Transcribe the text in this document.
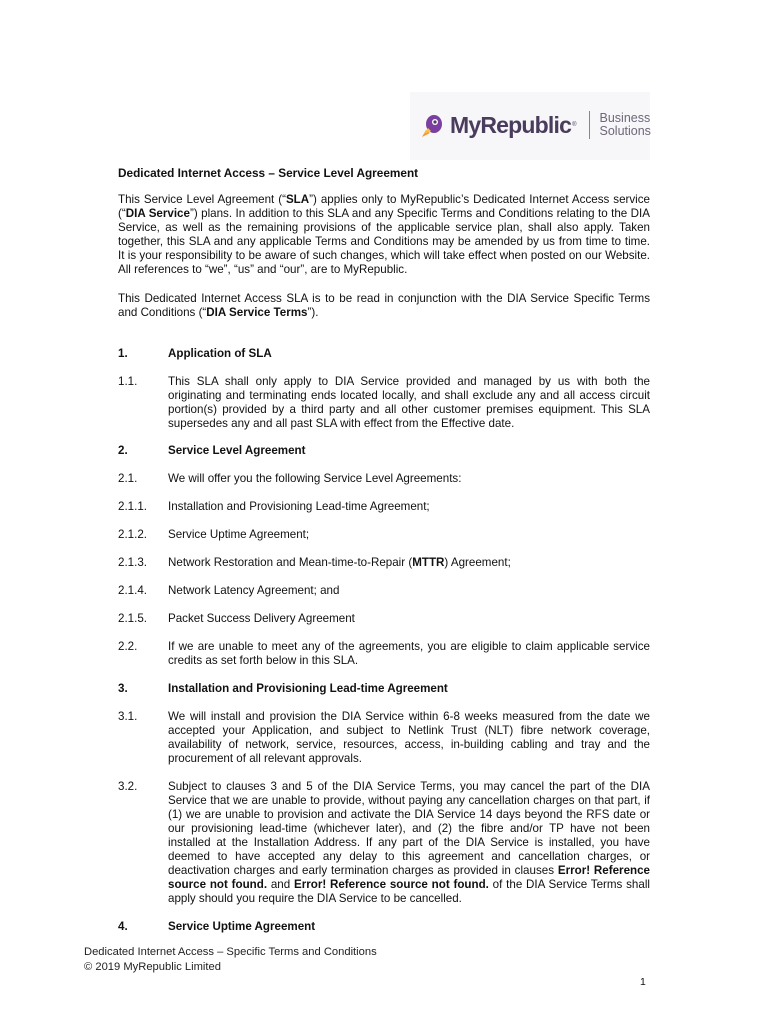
MyRepublic ® Business
Solutions
Dedicated Internet Access – Service Level Agreement
This Service Level Agreement (“SLA”) applies only to MyRepublic’s Dedicated Internet Access service (“DIA Service”) plans. In addition to this SLA and any Specific Terms and Conditions relating to the DIA Service, as well as the remaining provisions of the applicable service plan, shall also apply. Taken together, this SLA and any applicable Terms and Conditions may be amended by us from time to time. It is your responsibility to be aware of such changes, which will take effect when posted on our Website. All references to “we”, “us” and “our”, are to MyRepublic.
This Dedicated Internet Access SLA is to be read in conjunction with the DIA Service Specific Terms and Conditions (“DIA Service Terms”).
1.	Application of SLA
1.1.	This SLA shall only apply to DIA Service provided and managed by us with both the originating and terminating ends located locally, and shall exclude any and all access circuit portion(s) provided by a third party and all other customer premises equipment. This SLA supersedes any and all past SLA with effect from the Effective date.
2.	Service Level Agreement
2.1.	We will offer you the following Service Level Agreements:
2.1.1.	Installation and Provisioning Lead-time Agreement;
2.1.2.	Service Uptime Agreement;
2.1.3.	Network Restoration and Mean-time-to-Repair (MTTR) Agreement;
2.1.4.	Network Latency Agreement; and
2.1.5.	Packet Success Delivery Agreement
2.2.	If we are unable to meet any of the agreements, you are eligible to claim applicable service credits as set forth below in this SLA.
3.	Installation and Provisioning Lead-time Agreement
3.1.	We will install and provision the DIA Service within 6-8 weeks measured from the date we accepted your Application, and subject to Netlink Trust (NLT) fibre network coverage, availability of network, service, resources, access, in-building cabling and tray and the procurement of all relevant approvals.
3.2.	Subject to clauses 3 and 5 of the DIA Service Terms, you may cancel the part of the DIA Service that we are unable to provide, without paying any cancellation charges on that part, if (1) we are unable to provision and activate the DIA Service 14 days beyond the RFS date or our provisioning lead-time (whichever later), and (2) the fibre and/or TP have not been installed at the Installation Address. If any part of the DIA Service is installed, you have deemed to have accepted any delay to this agreement and cancellation charges, or deactivation charges and early termination charges as provided in clauses Error! Reference source not found. and Error! Reference source not found. of the DIA Service Terms shall apply should you require the DIA Service to be cancelled.
4.	Service Uptime Agreement
Dedicated Internet Access – Specific Terms and Conditions
© 2019 MyRepublic Limited
1
